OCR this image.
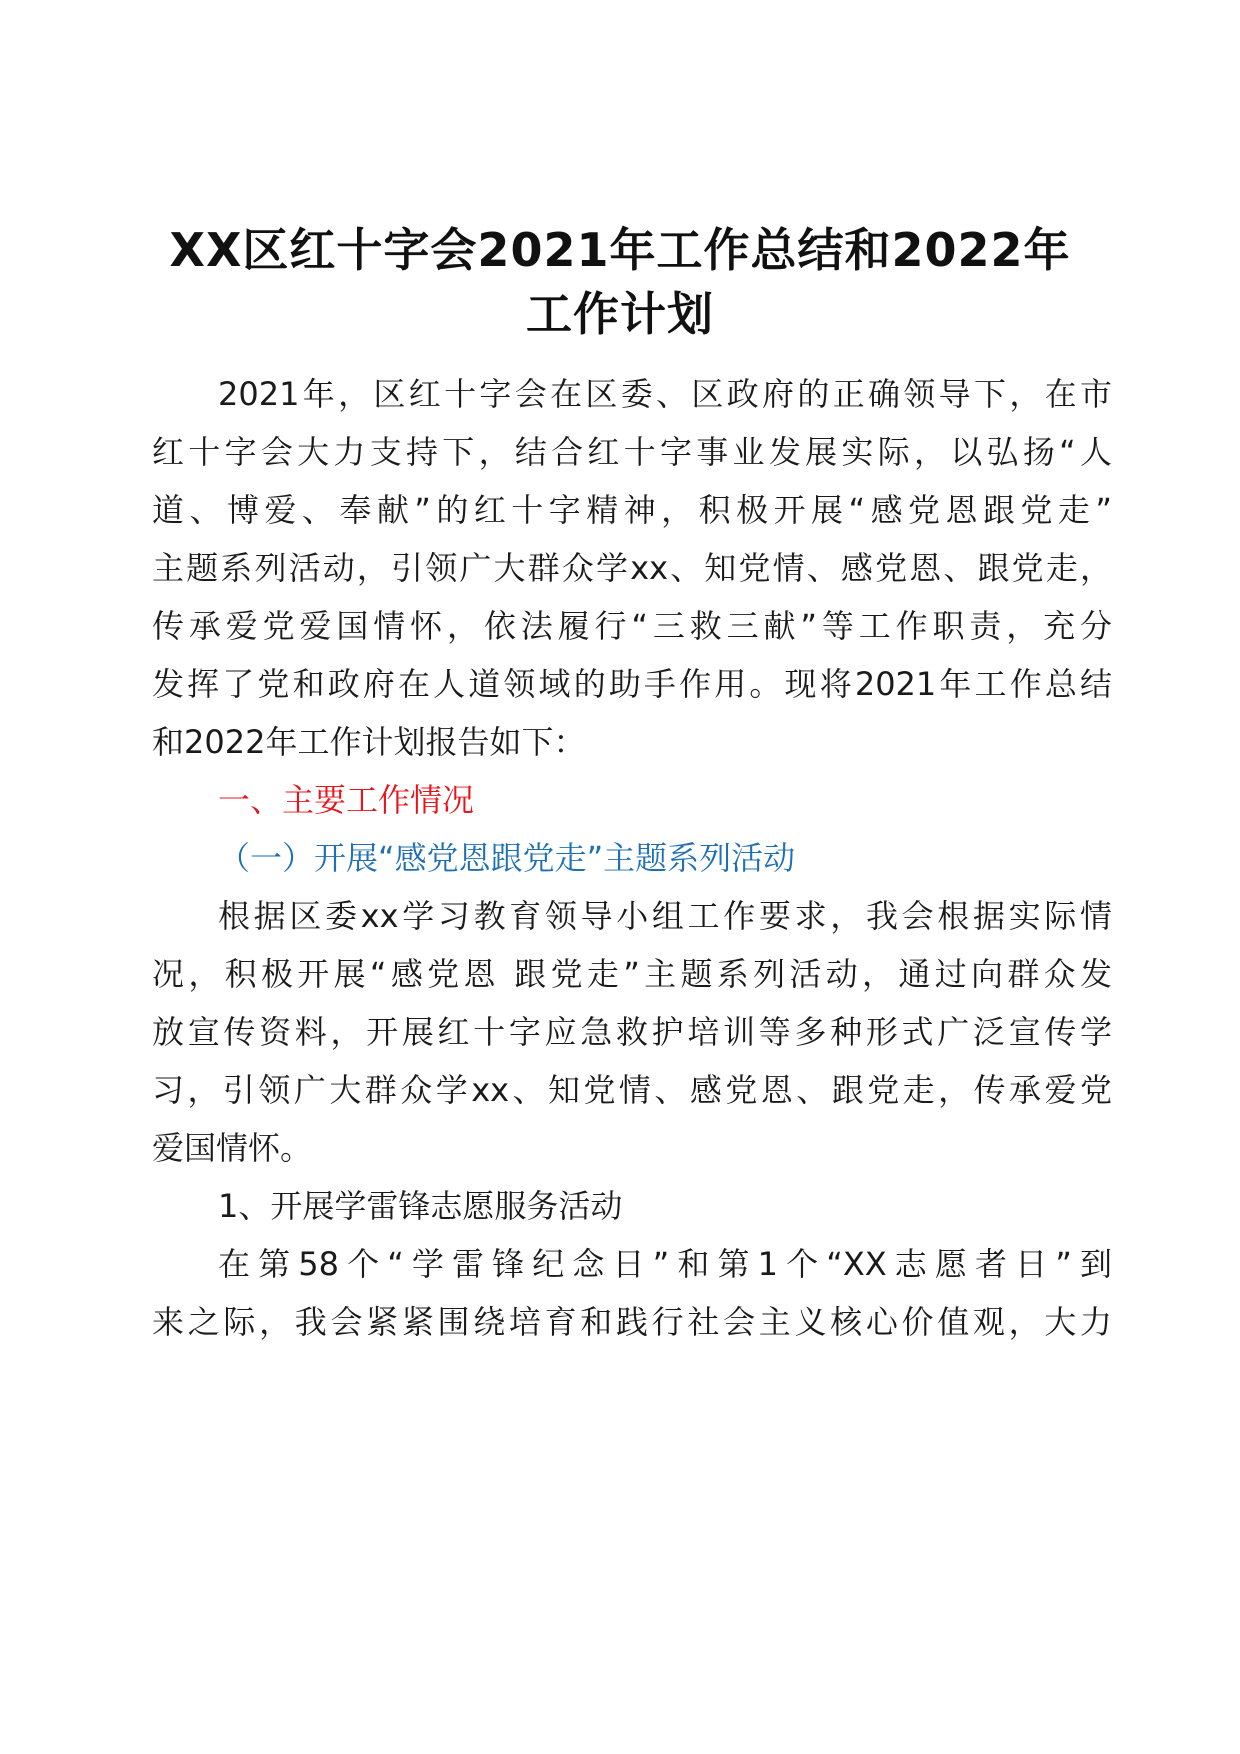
XX区红十字会2021年工作总结和2022年
工作计划
2021年，区红十字会在区委、区政府的正确领导下，在市
红十字会大力支持下，结合红十字事业发展实际，以弘扬“人
道、博爱、奉献”的红十字精神，积极开展“感党恩跟党走”
主题系列活动，引领广大群众学xx、知党情、感党恩、跟党走，
传承爱党爱国情怀，依法履行“三救三献”等工作职责，充分
发挥了党和政府在人道领域的助手作用。现将2021年工作总结
和2022年工作计划报告如下：
一、主要工作情况
（一）开展“感党恩跟党走”主题系列活动
根据区委xx学习教育领导小组工作要求，我会根据实际情
况，积极开展“感党恩 跟党走”主题系列活动，通过向群众发
放宣传资料，开展红十字应急救护培训等多种形式广泛宣传学
习，引领广大群众学xx、知党情、感党恩、跟党走，传承爱党
爱国情怀。
1、开展学雷锋志愿服务活动
在第58个“学雷锋纪念日”和第1个“XX志愿者日”到
来之际，我会紧紧围绕培育和践行社会主义核心价值观，大力
